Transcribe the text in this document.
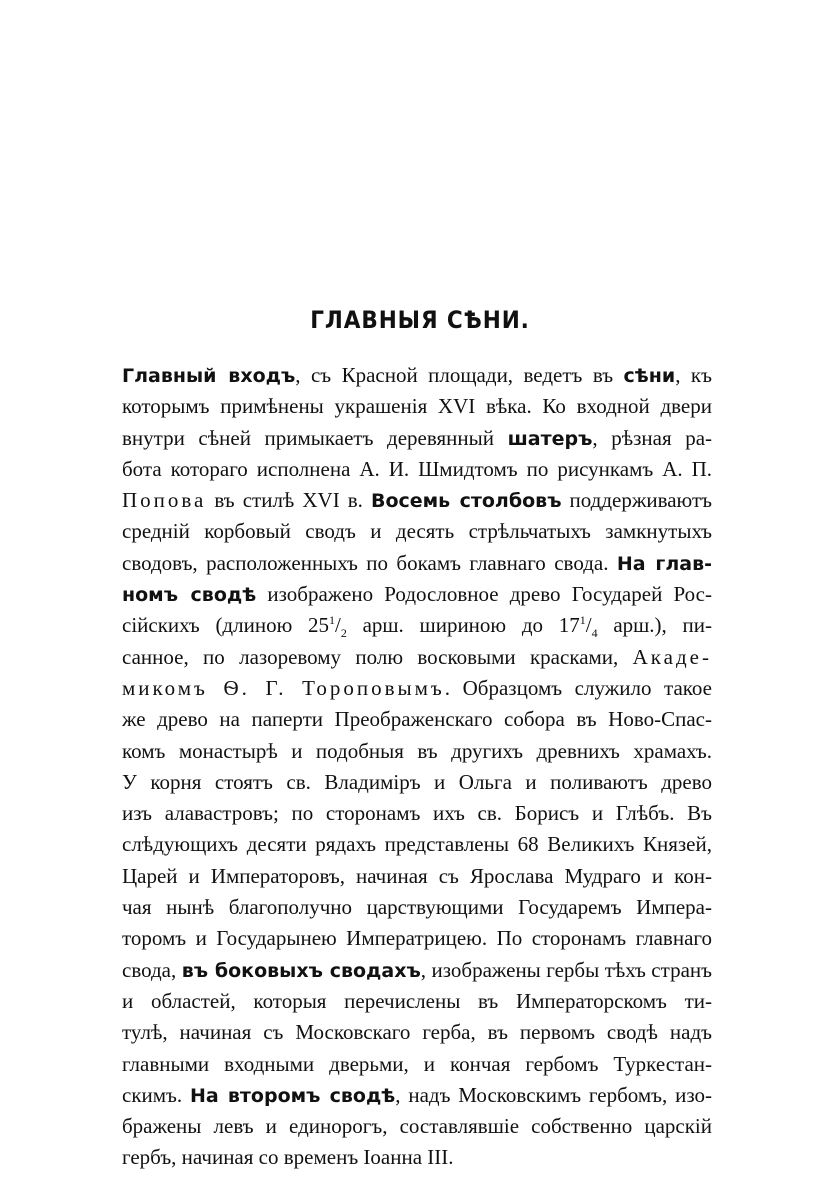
ГЛАВНЫЯ СѢНИ.
Главный входъ, съ Красной площади, ведетъ въ сѣни, къ
которымъ примѣнены украшенія XVI вѣка. Ко входной двери
внутри сѣней примыкаетъ деревянный шатеръ, рѣзная ра-
бота котораго исполнена А. И. Шмидтомъ по рисункамъ А. П.
Попова въ стилѣ XVI в. Восемь столбовъ поддерживаютъ
средній корбовый сводъ и десять стрѣльчатыхъ замкнутыхъ
сводовъ, расположенныхъ по бокамъ главнаго свода. На глав-
номъ сводѣ изображено Родословное древо Государей Рос-
сійскихъ (длиною $25^1/_2$ арш. шириною до $17^1/_4$ арш.), пи-
санное, по лазоревому полю восковыми красками, Акаде-
микомъ Ѳ. Г. Тороповымъ. Образцомъ служило такое
же древо на паперти Преображенскаго собора въ Ново-Спас-
комъ монастырѣ и подобныя въ другихъ древнихъ храмахъ.
У корня стоятъ св. Владиміръ и Ольга и поливаютъ древо
изъ алавастровъ; по сторонамъ ихъ св. Борисъ и Глѣбъ. Въ
слѣдующихъ десяти рядахъ представлены 68 Великихъ Князей,
Царей и Императоровъ, начиная съ Ярослава Мудраго и кон-
чая нынѣ благополучно царствующими Государемъ Импера-
торомъ и Государынею Императрицею. По сторонамъ главнаго
свода, въ боковыхъ сводахъ, изображены гербы тѣхъ странъ
и областей, которыя перечислены въ Императорскомъ ти-
тулѣ, начиная съ Московскаго герба, въ первомъ сводѣ надъ
главными входными дверьми, и кончая гербомъ Туркестан-
скимъ. На второмъ сводѣ, надъ Московскимъ гербомъ, изо-
бражены левъ и единорогъ, составлявшіе собственно царскій
гербъ, начиная со временъ Іоанна III.
